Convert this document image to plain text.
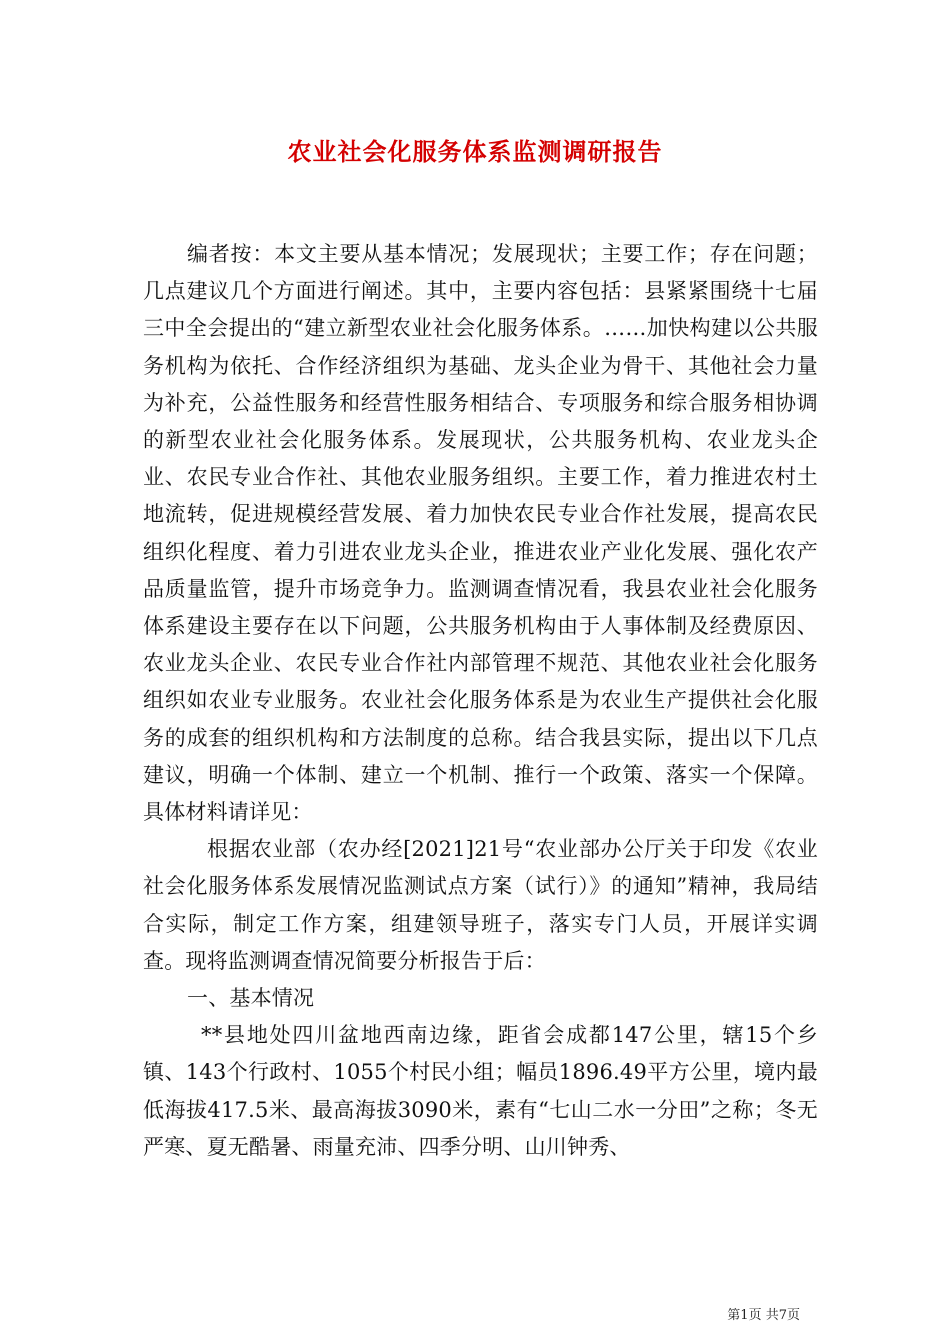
农业社会化服务体系监测调研报告

编者按：本文主要从基本情况；发展现状；主要工作；存在问题；几点建议几个方面进行阐述。其中，主要内容包括：县紧紧围绕十七届三中全会提出的“建立新型农业社会化服务体系。……加快构建以公共服务机构为依托、合作经济组织为基础、龙头企业为骨干、其他社会力量为补充，公益性服务和经营性服务相结合、专项服务和综合服务相协调的新型农业社会化服务体系。发展现状，公共服务机构、农业龙头企业、农民专业合作社、其他农业服务组织。主要工作，着力推进农村土地流转，促进规模经营发展、着力加快农民专业合作社发展，提高农民组织化程度、着力引进农业龙头企业，推进农业产业化发展、强化农产品质量监管，提升市场竞争力。监测调查情况看，我县农业社会化服务体系建设主要存在以下问题，公共服务机构由于人事体制及经费原因、农业龙头企业、农民专业合作社内部管理不规范、其他农业社会化服务组织如农业专业服务。农业社会化服务体系是为农业生产提供社会化服务的成套的组织机构和方法制度的总称。结合我县实际，提出以下几点建议，明确一个体制、建立一个机制、推行一个政策、落实一个保障。具体材料请详见：

根据农业部（农办经[2021]21号“农业部办公厅关于印发《农业社会化服务体系发展情况监测试点方案（试行）》的通知”精神，我局结合实际，制定工作方案，组建领导班子，落实专门人员，开展详实调查。现将监测调查情况简要分析报告于后：

一、基本情况

**县地处四川盆地西南边缘，距省会成都147公里，辖15个乡镇、143个行政村、1055个村民小组；幅员1896.49平方公里，境内最低海拔417.5米、最高海拔3090米，素有“七山二水一分田”之称；冬无严寒、夏无酷暑、雨量充沛、四季分明、山川钟秀、

第1页 共7页
